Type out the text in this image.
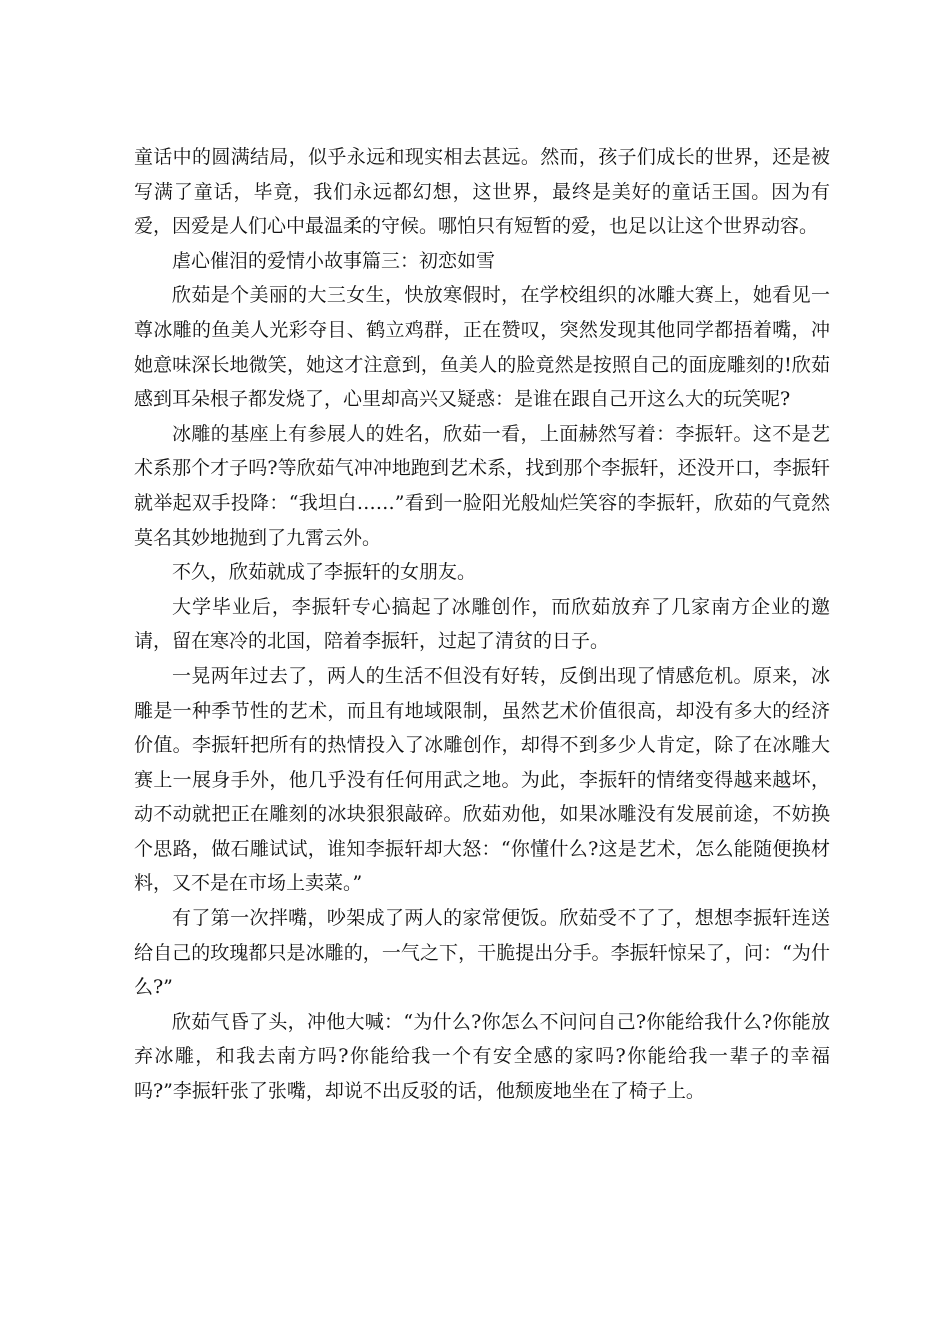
童话中的圆满结局，似乎永远和现实相去甚远。然而，孩子们成长的世界，还是被写满了童话，毕竟，我们永远都幻想，这世界，最终是美好的童话王国。因为有爱，因爱是人们心中最温柔的守候。哪怕只有短暂的爱，也足以让这个世界动容。

虐心催泪的爱情小故事篇三：初恋如雪

欣茹是个美丽的大三女生，快放寒假时，在学校组织的冰雕大赛上，她看见一尊冰雕的鱼美人光彩夺目、鹤立鸡群，正在赞叹，突然发现其他同学都捂着嘴，冲她意味深长地微笑，她这才注意到，鱼美人的脸竟然是按照自己的面庞雕刻的!欣茹感到耳朵根子都发烧了，心里却高兴又疑惑：是谁在跟自己开这么大的玩笑呢?

冰雕的基座上有参展人的姓名，欣茹一看，上面赫然写着：李振轩。这不是艺术系那个才子吗?等欣茹气冲冲地跑到艺术系，找到那个李振轩，还没开口，李振轩就举起双手投降：“我坦白……”看到一脸阳光般灿烂笑容的李振轩，欣茹的气竟然莫名其妙地抛到了九霄云外。

不久，欣茹就成了李振轩的女朋友。

大学毕业后，李振轩专心搞起了冰雕创作，而欣茹放弃了几家南方企业的邀请，留在寒冷的北国，陪着李振轩，过起了清贫的日子。

一晃两年过去了，两人的生活不但没有好转，反倒出现了情感危机。原来，冰雕是一种季节性的艺术，而且有地域限制，虽然艺术价值很高，却没有多大的经济价值。李振轩把所有的热情投入了冰雕创作，却得不到多少人肯定，除了在冰雕大赛上一展身手外，他几乎没有任何用武之地。为此，李振轩的情绪变得越来越坏，动不动就把正在雕刻的冰块狠狠敲碎。欣茹劝他，如果冰雕没有发展前途，不妨换个思路，做石雕试试，谁知李振轩却大怒：“你懂什么?这是艺术，怎么能随便换材料，又不是在市场上卖菜。”

有了第一次拌嘴，吵架成了两人的家常便饭。欣茹受不了了，想想李振轩连送给自己的玫瑰都只是冰雕的，一气之下，干脆提出分手。李振轩惊呆了，问：“为什么?”

欣茹气昏了头，冲他大喊：“为什么?你怎么不问问自己?你能给我什么?你能放弃冰雕，和我去南方吗?你能给我一个有安全感的家吗?你能给我一辈子的幸福吗?”李振轩张了张嘴，却说不出反驳的话，他颓废地坐在了椅子上。
